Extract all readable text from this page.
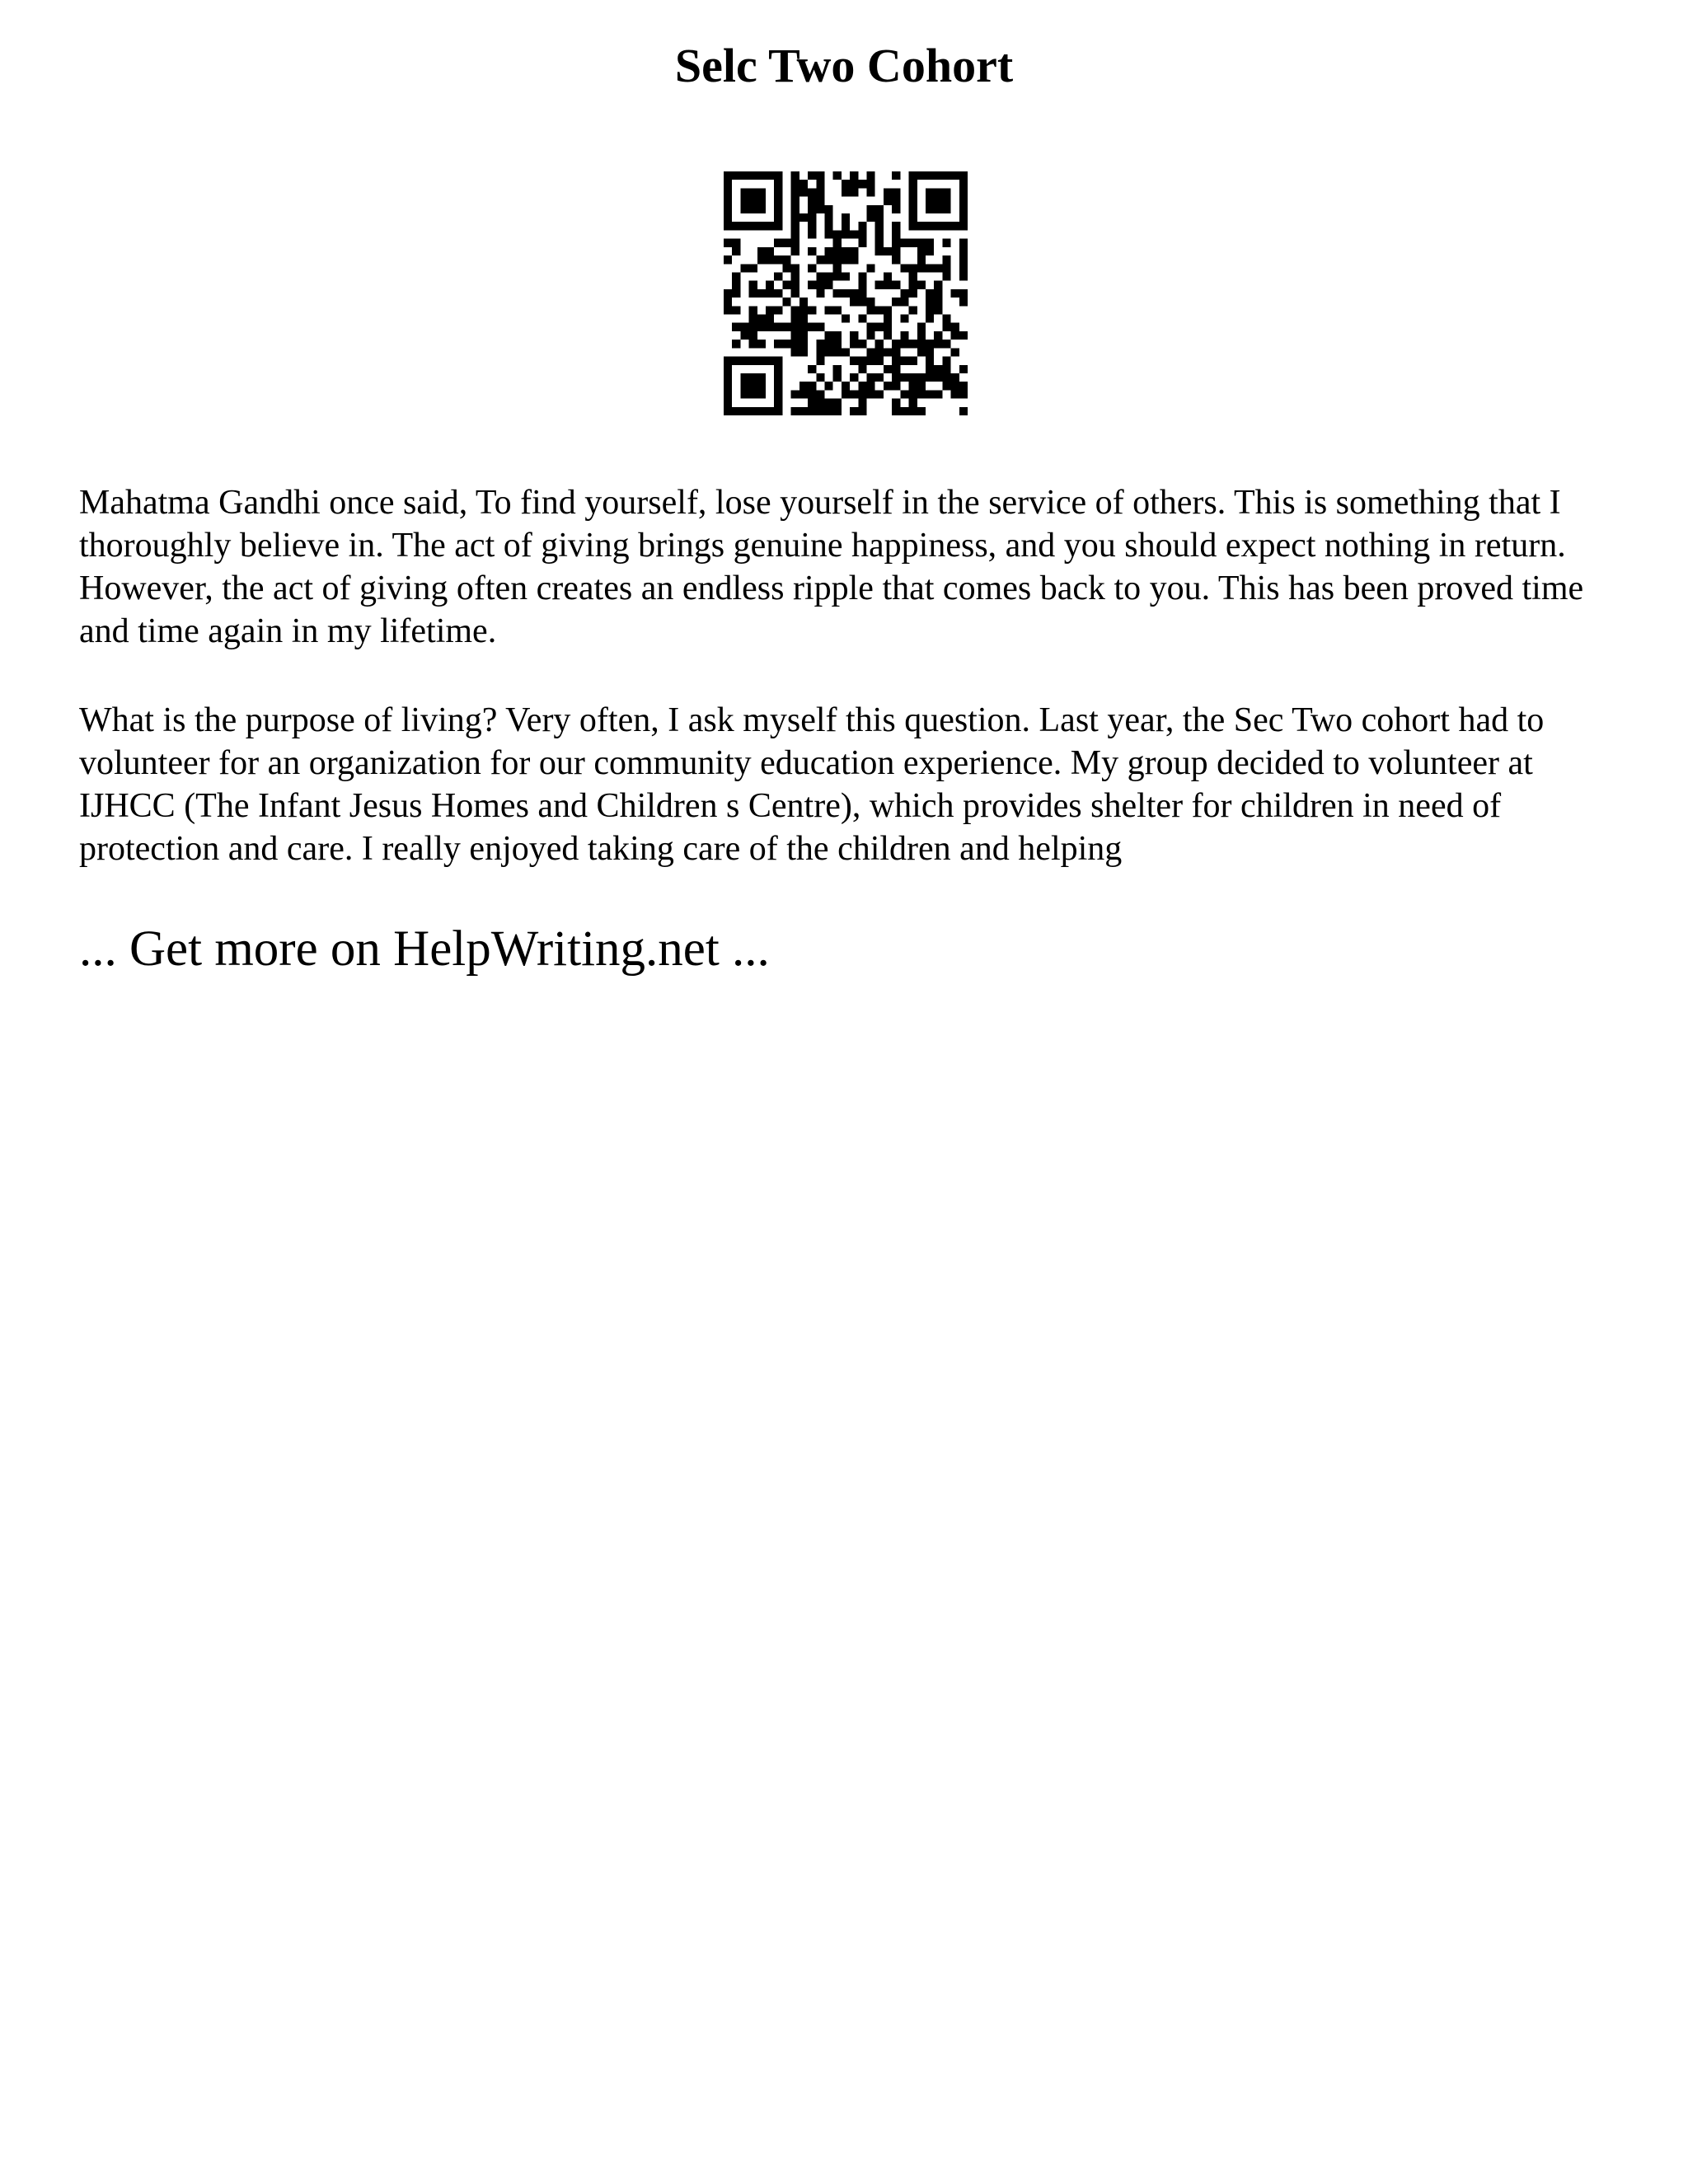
Selc Two Cohort

Mahatma Gandhi once said, To find yourself, lose yourself in the service of others. This is something that I thoroughly believe in. The act of giving brings genuine happiness, and you should expect nothing in return. However, the act of giving often creates an endless ripple that comes back to you. This has been proved time and time again in my lifetime.

What is the purpose of living? Very often, I ask myself this question. Last year, the Sec Two cohort had to volunteer for an organization for our community education experience. My group decided to volunteer at IJHCC (The Infant Jesus Homes and Children s Centre), which provides shelter for children in need of protection and care. I really enjoyed taking care of the children and helping

... Get more on HelpWriting.net ...
